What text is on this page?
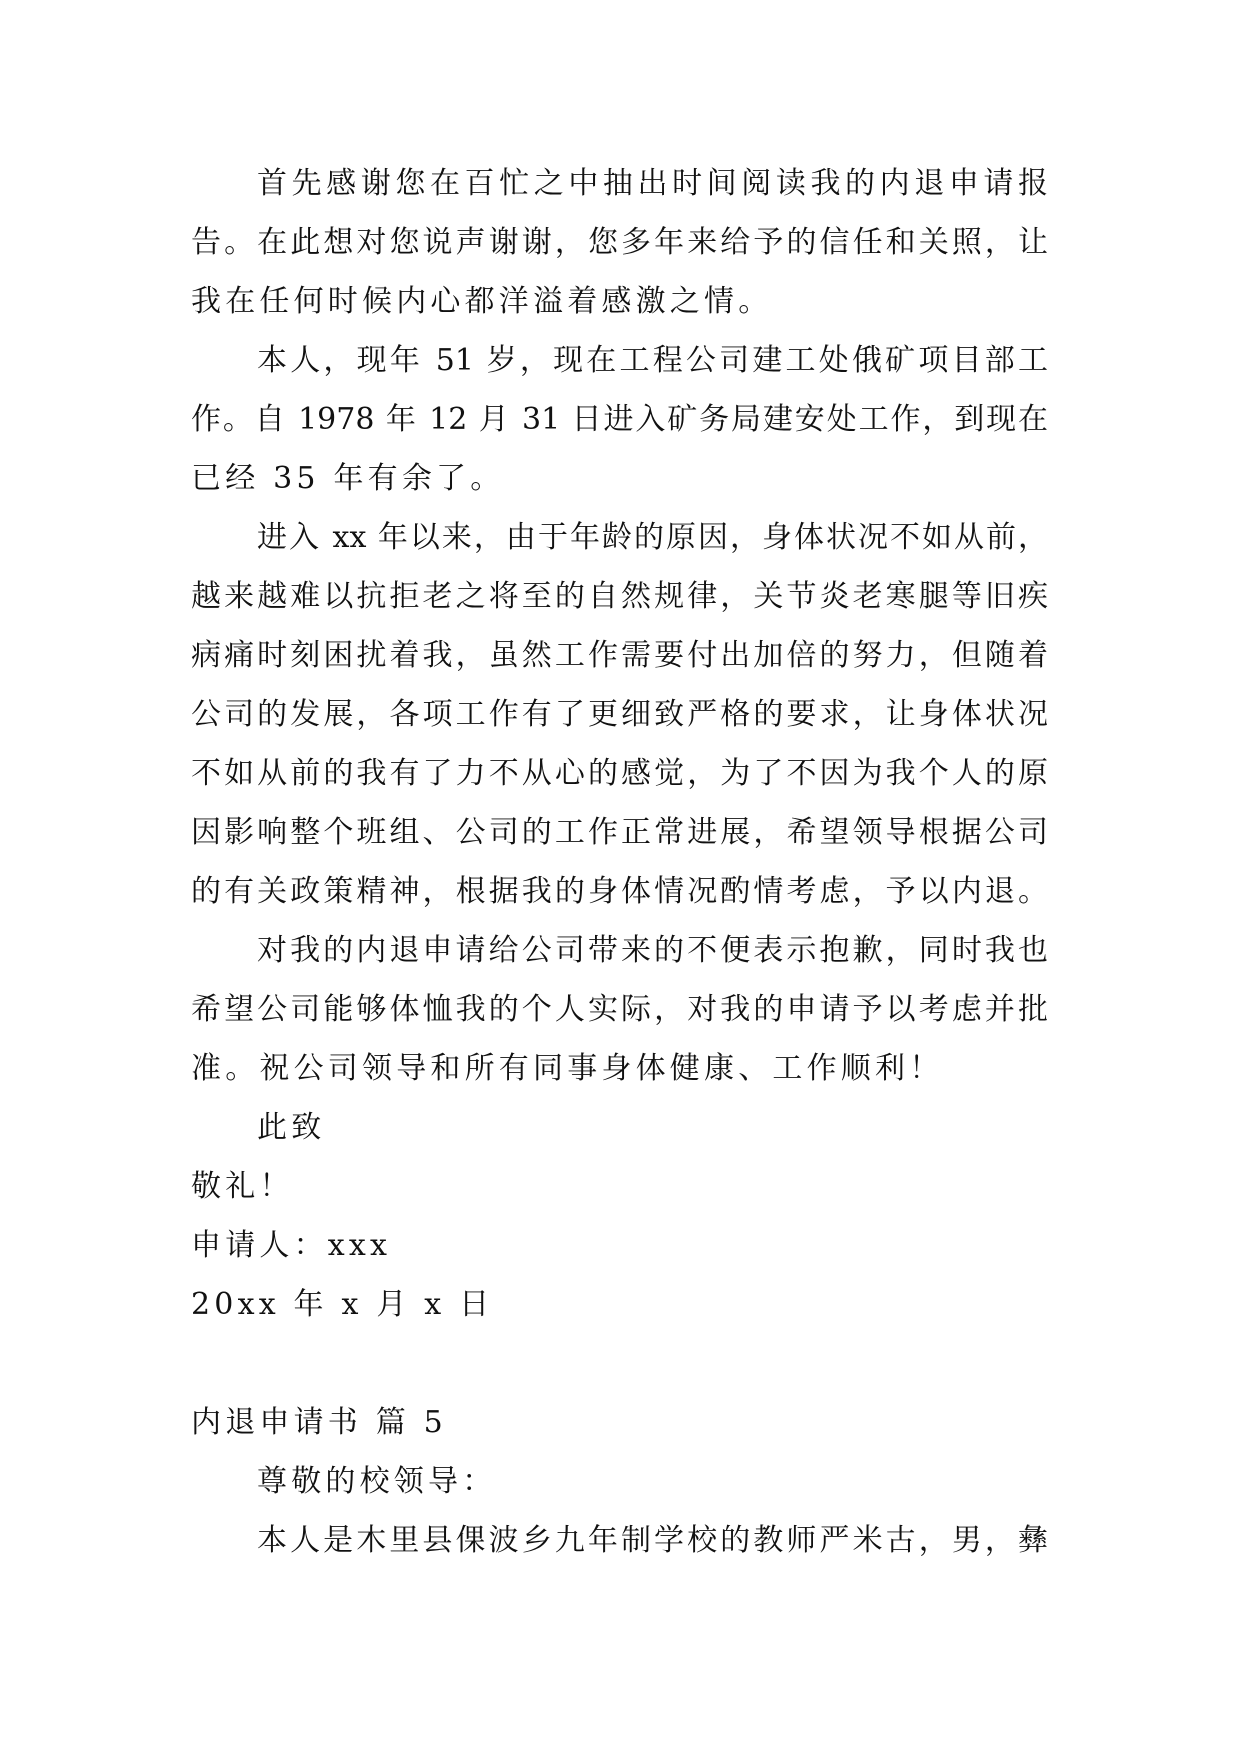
首先感谢您在百忙之中抽出时间阅读我的内退申请报
告。在此想对您说声谢谢，您多年来给予的信任和关照，让
我在任何时候内心都洋溢着感激之情。
本人，现年 51 岁，现在工程公司建工处俄矿项目部工
作。自 1978 年 12 月 31 日进入矿务局建安处工作，到现在
已经 35 年有余了。
进入 xx 年以来，由于年龄的原因，身体状况不如从前，
越来越难以抗拒老之将至的自然规律，关节炎老寒腿等旧疾
病痛时刻困扰着我，虽然工作需要付出加倍的努力，但随着
公司的发展，各项工作有了更细致严格的要求，让身体状况
不如从前的我有了力不从心的感觉，为了不因为我个人的原
因影响整个班组、公司的工作正常进展，希望领导根据公司
的有关政策精神，根据我的身体情况酌情考虑，予以内退。
对我的内退申请给公司带来的不便表示抱歉，同时我也
希望公司能够体恤我的个人实际，对我的申请予以考虑并批
准。祝公司领导和所有同事身体健康、工作顺利！
此致
敬礼！
申请人：xxx
20xx 年 x 月 x 日
内退申请书 篇 5
尊敬的校领导：
本人是木里县倮波乡九年制学校的教师严米古，男，彝
